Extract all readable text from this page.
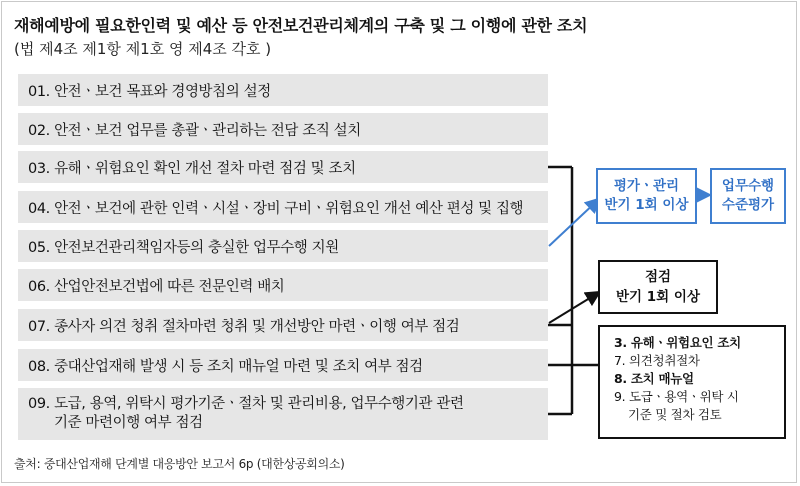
재해예방에 필요한인력 및 예산 등 안전보건관리체계의 구축 및 그 이행에 관한 조치
(법 제4조 제1항 제1호 영 제4조 각호 )
01. 안전ㆍ보건 목표와 경영방침의 설정
02. 안전ㆍ보건 업무를 총괄ㆍ관리하는 전담 조직 설치
03. 유해ㆍ위험요인 확인 개선 절차 마련 점검 및 조치
04. 안전ㆍ보건에 관한 인력ㆍ시설ㆍ장비 구비ㆍ위험요인 개선 예산 편성 및 집행
05. 안전보건관리책임자등의 충실한 업무수행 지원
06. 산업안전보건법에 따른 전문인력 배치
07. 종사자 의견 청취 절차마련 청취 및 개선방안 마련ㆍ이행 여부 점검
08. 중대산업재해 발생 시 등 조치 매뉴얼 마련 및 조치 여부 점검
09. 도급, 용역, 위탁시 평가기준ㆍ절차 및 관리비용, 업무수행기관 관련
기준 마련이행 여부 점검
평가ㆍ관리
반기 1회 이상
업무수행
수준평가
점검
반기 1회 이상
3. 유해ㆍ위험요인 조치
7. 의견청취절차
8. 조치 매뉴얼
9. 도급ㆍ용역ㆍ위탁 시
기준 및 절차 검토
출처: 중대산업재해 단계별 대응방안 보고서 6p (대한상공회의소)
